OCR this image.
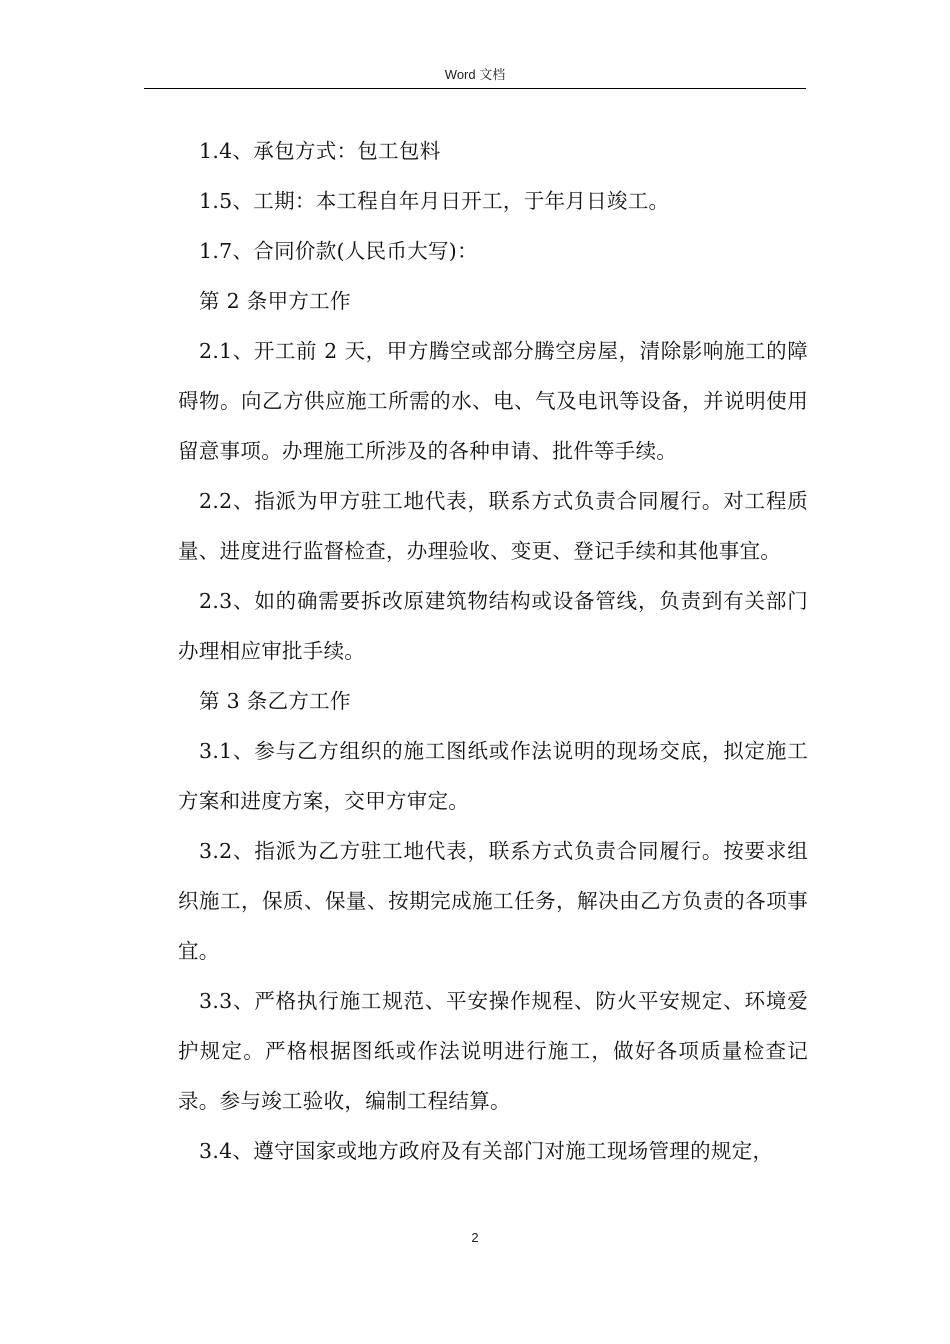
Word 文档

1.4、承包方式：包工包料

1.5、工期：本工程自年月日开工，于年月日竣工。

1.7、合同价款(人民币大写)：

第 2 条甲方工作

2.1、开工前 2 天，甲方腾空或部分腾空房屋，清除影响施工的障碍物。向乙方供应施工所需的水、电、气及电讯等设备，并说明使用留意事项。办理施工所涉及的各种申请、批件等手续。

2.2、指派为甲方驻工地代表，联系方式负责合同履行。对工程质量、进度进行监督检查，办理验收、变更、登记手续和其他事宜。

2.3、如的确需要拆改原建筑物结构或设备管线，负责到有关部门办理相应审批手续。

第 3 条乙方工作

3.1、参与乙方组织的施工图纸或作法说明的现场交底，拟定施工方案和进度方案，交甲方审定。

3.2、指派为乙方驻工地代表，联系方式负责合同履行。按要求组织施工，保质、保量、按期完成施工任务，解决由乙方负责的各项事宜。

3.3、严格执行施工规范、平安操作规程、防火平安规定、环境爱护规定。严格根据图纸或作法说明进行施工，做好各项质量检查记录。参与竣工验收，编制工程结算。

3.4、遵守国家或地方政府及有关部门对施工现场管理的规定，

2
